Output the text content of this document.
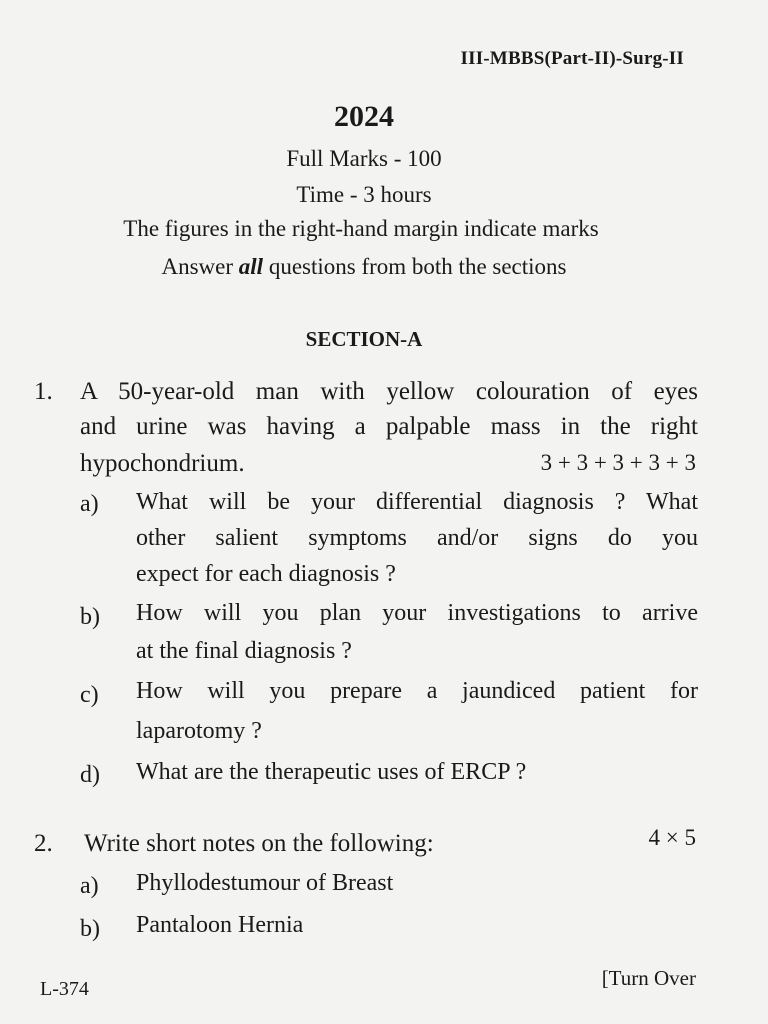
III-MBBS(Part-II)-Surg-II
2024
Full Marks - 100
Time - 3 hours
The figures in the right-hand margin indicate marks
Answer all questions from both the sections
SECTION-A
1. A 50-year-old man with yellow colouration of eyes
and urine was having a palpable mass in the right
hypochondrium.	3 + 3 + 3 + 3 + 3
a) What will be your differential diagnosis ? What
other salient symptoms and/or signs do you
expect for each diagnosis ?
b) How will you plan your investigations to arrive
at the final diagnosis ?
c) How will you prepare a jaundiced patient for
laparotomy ?
d) What are the therapeutic uses of ERCP ?
2. Write short notes on the following:	4 × 5
a) Phyllodestumour of Breast
b) Pantaloon Hernia
L-374	[Turn Over
